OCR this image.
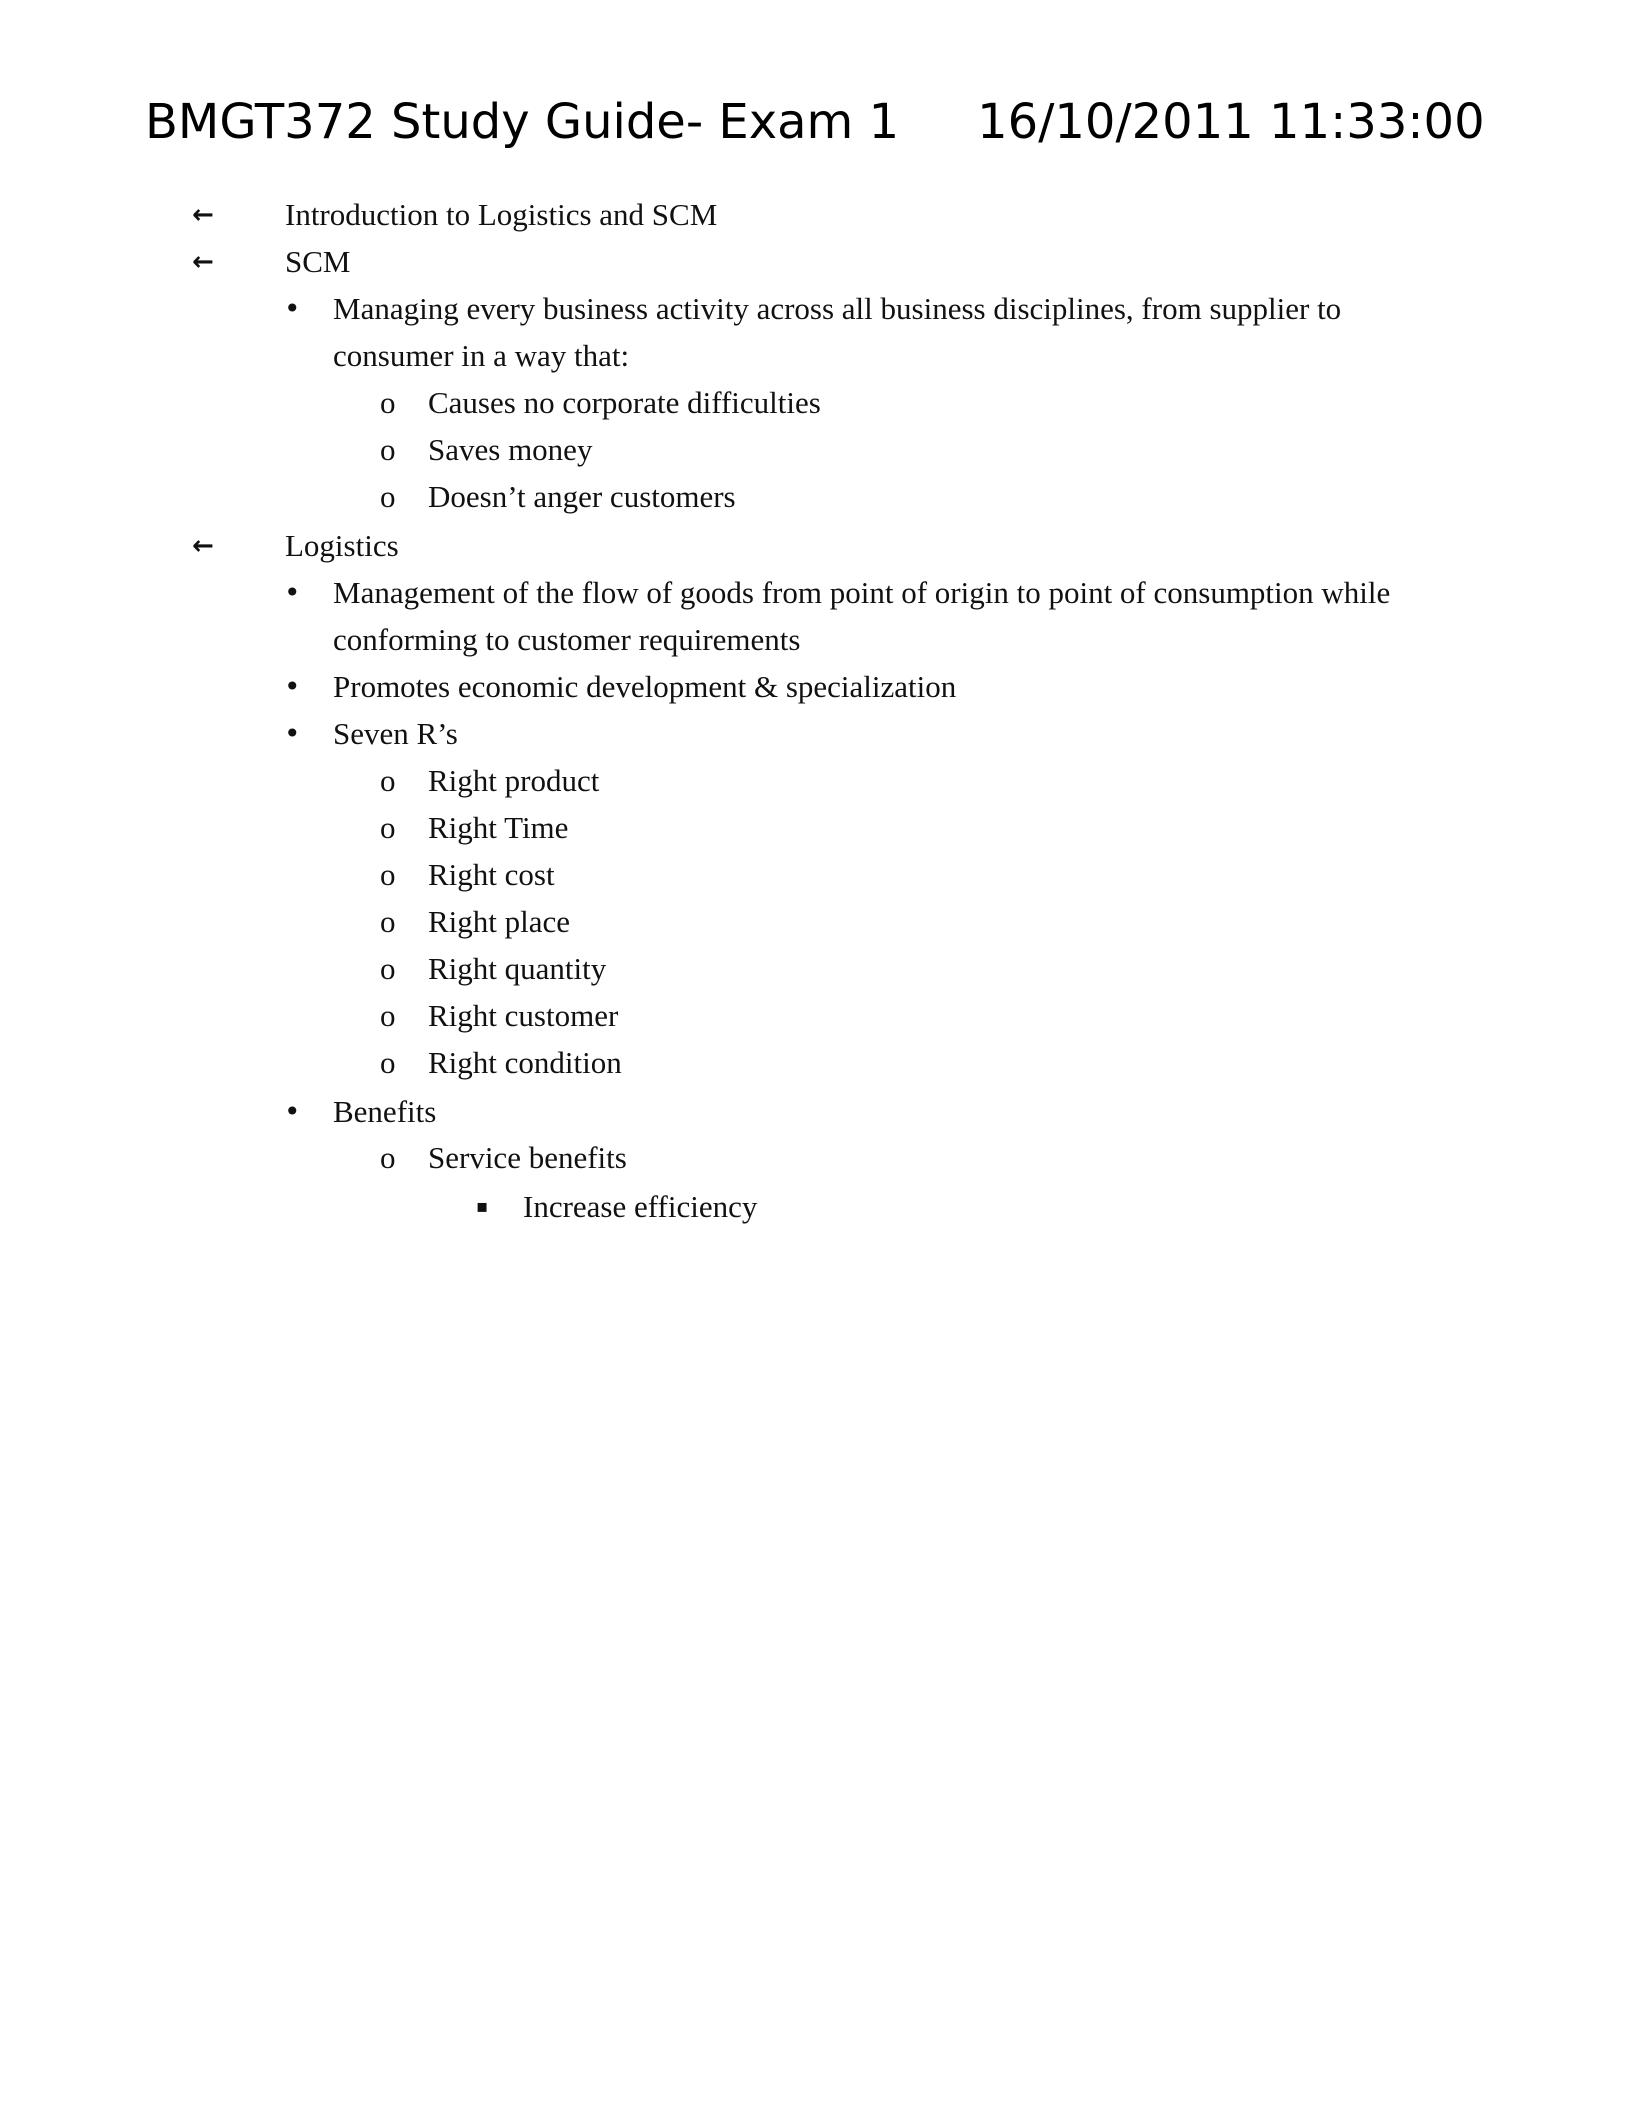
BMGT372 Study Guide- Exam 1 16/10/2011 11:33:00
← Introduction to Logistics and SCM
← SCM
• Managing every business activity across all business disciplines, from supplier to
consumer in a way that:
o Causes no corporate difficulties
o Saves money
o Doesn’t anger customers
← Logistics
• Management of the flow of goods from point of origin to point of consumption while
conforming to customer requirements
• Promotes economic development & specialization
• Seven R’s
o Right product
o Right Time
o Right cost
o Right place
o Right quantity
o Right customer
o Right condition
• Benefits
o Service benefits
▪ Increase efficiency
